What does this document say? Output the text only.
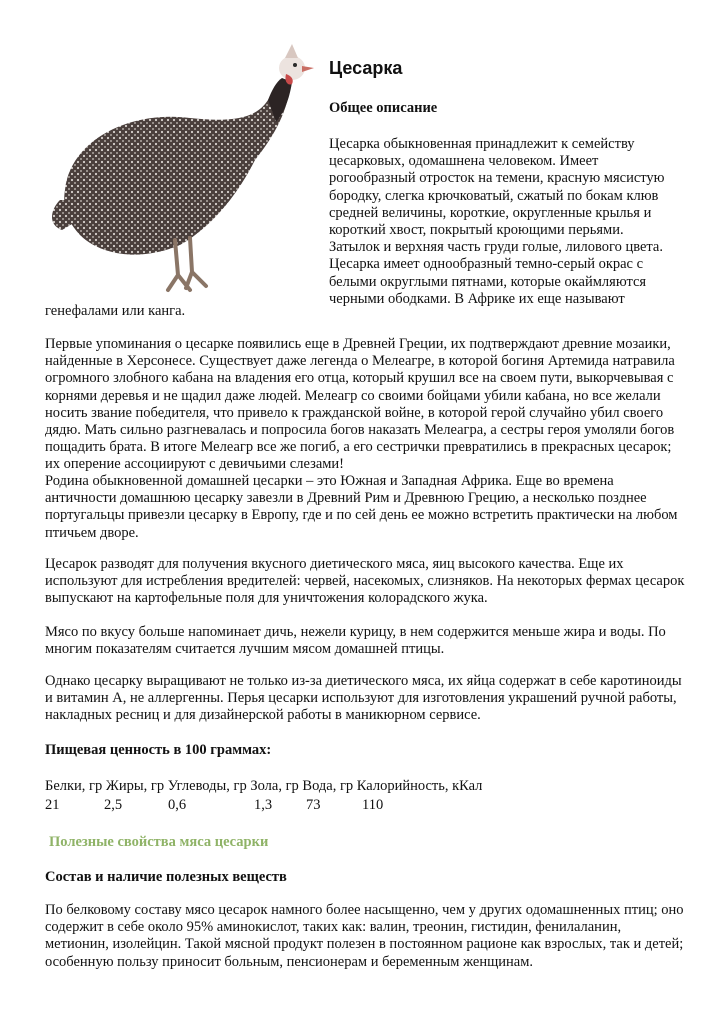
Цесарка
Общее описание

Цесарка обыкновенная принадлежит к семейству цесарковых, одомашнена человеком. Имеет рогообразный отросток на темени, красную мясистую бородку, слегка крючковатый, сжатый по бокам клюв средней величины, короткие, округленные крылья и короткий хвост, покрытый кроющими перьями. Затылок и верхняя часть груди голые, лилового цвета. Цесарка имеет однообразный темно-серый окрас с белыми округлыми пятнами, которые окаймляются черными ободками. В Африке их еще называют

генефалами или канга.

Первые упоминания о цесарке появились еще в Древней Греции, их подтверждают древние мозаики, найденные в Херсонесе. Существует даже легенда о Мелеагре, в которой богиня Артемида натравила огромного злобного кабана на владения его отца, который крушил все на своем пути, выкорчевывая с корнями деревья и не щадил даже людей. Мелеагр со своими бойцами убили кабана, но все желали носить звание победителя, что привело к гражданской войне, в которой герой случайно убил своего дядю. Мать сильно разгневалась и попросила богов наказать Мелеагра, а сестры героя умоляли богов пощадить брата. В итоге Мелеагр все же погиб, а его сестрички превратились в прекрасных цесарок; их оперение ассоциируют с девичьими слезами!

Родина обыкновенной домашней цесарки – это Южная и Западная Африка. Еще во времена античности домашнюю цесарку завезли в Древний Рим и Древнюю Грецию, а несколько позднее португальцы привезли цесарку в Европу, где и по сей день ее можно встретить практически на любом птичьем дворе.

Цесарок разводят для получения вкусного диетического мяса, яиц высокого качества. Еще их используют для истребления вредителей: червей, насекомых, слизняков. На некоторых фермах цесарок выпускают на картофельные поля для уничтожения колорадского жука.

Мясо по вкусу больше напоминает дичь, нежели курицу, в нем содержится меньше жира и воды. По многим показателям считается лучшим мясом домашней птицы.

Однако цесарку выращивают не только из-за диетического мяса, их яйца содержат в себе каротиноиды и витамин А, не аллергенны. Перья цесарки используют для изготовления украшений ручной работы, накладных ресниц и для дизайнерской работы в маникюрном сервисе.

Пищевая ценность в 100 граммах:

Белки, гр Жиры, гр Углеводы, гр Зола, гр Вода, гр Калорийность, кКал

21	2,5	0,6	1,3 73	110
Полезные свойства мяса цесарки
Состав и наличие полезных веществ

По белковому составу мясо цесарок намного более насыщенно, чем у других одомашненных птиц; оно содержит в себе около 95% аминокислот, таких как: валин, треонин, гистидин, фенилаланин, метионин, изолейцин. Такой мясной продукт полезен в постоянном рационе как взрослых, так и детей; особенную пользу приносит больным, пенсионерам и беременным женщинам.
